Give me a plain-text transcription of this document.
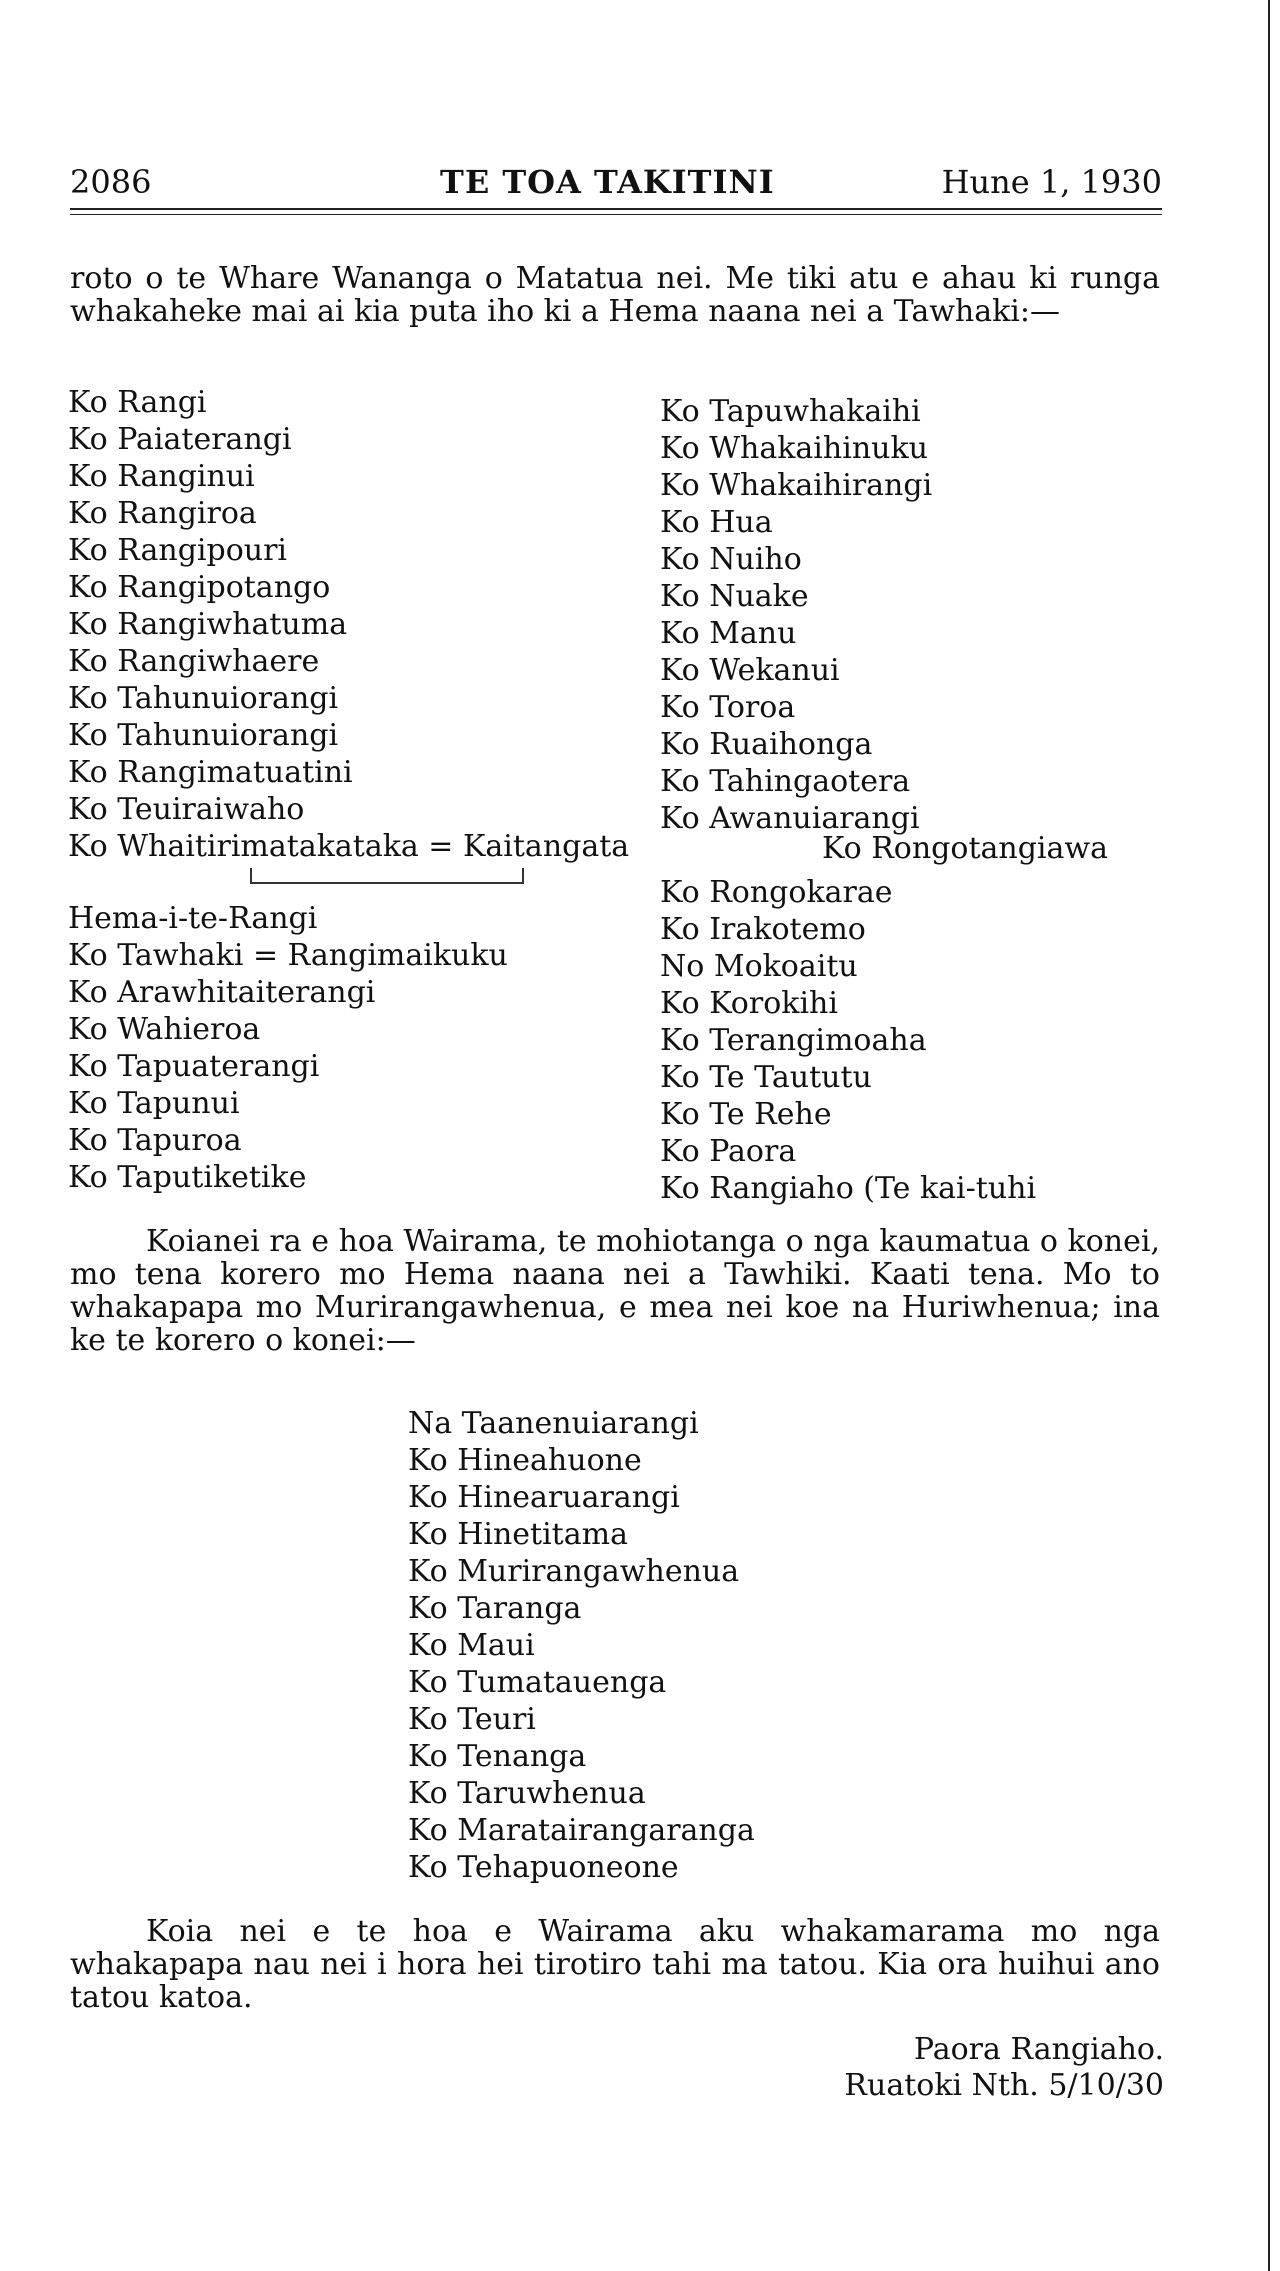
2086	TE TOA TAKITINI	Hune 1, 1930

roto o te Whare Wananga o Matatua nei. Me tiki atu e ahau ki runga whakaheke mai ai kia puta iho ki a Hema naana nei a Tawhaki:—

Ko Rangi
Ko Paiaterangi
Ko Ranginui
Ko Rangiroa
Ko Rangipouri
Ko Rangipotango
Ko Rangiwhatuma
Ko Rangiwhaere
Ko Tahunuiorangi
Ko Tahunuiorangi
Ko Rangimatuatini
Ko Teuiraiwaho
Ko Tapuwhakaihi
Ko Whakaihinuku
Ko Whakaihirangi
Ko Hua
Ko Nuiho
Ko Nuake
Ko Manu
Ko Wekanui
Ko Toroa
Ko Ruaihonga
Ko Tahingaotera
Ko Awanuiarangi
Ko Whaitirimatakataka = Kaitangata	Ko Rongotangiawa
Hema-i-te-Rangi
Ko Tawhaki = Rangimaikuku
Ko Arawhitaiterangi
Ko Wahieroa
Ko Tapuaterangi
Ko Tapunui
Ko Tapuroa
Ko Taputiketike
Ko Rongokarae
Ko Irakotemo
No Mokoaitu
Ko Korokihi
Ko Terangimoaha
Ko Te Taututu
Ko Te Rehe
Ko Paora
Ko Rangiaho (Te kai-tuhi

Koianei ra e hoa Wairama, te mohiotanga o nga kaumatua o konei, mo tena korero mo Hema naana nei a Tawhiki. Kaati tena. Mo to whakapapa mo Murirangawhenua, e mea nei koe na Huriwhenua; ina ke te korero o konei:—

Na Taanenuiarangi
Ko Hineahuone
Ko Hinearuarangi
Ko Hinetitama
Ko Murirangawhenua
Ko Taranga
Ko Maui
Ko Tumatauenga
Ko Teuri
Ko Tenanga
Ko Taruwhenua
Ko Maratairangaranga
Ko Tehapuoneone

Koia nei e te hoa e Wairama aku whakamarama mo nga whakapapa nau nei i hora hei tirotiro tahi ma tatou. Kia ora huihui ano tatou katoa.

Paora Rangiaho.
Ruatoki Nth. 5/10/30
